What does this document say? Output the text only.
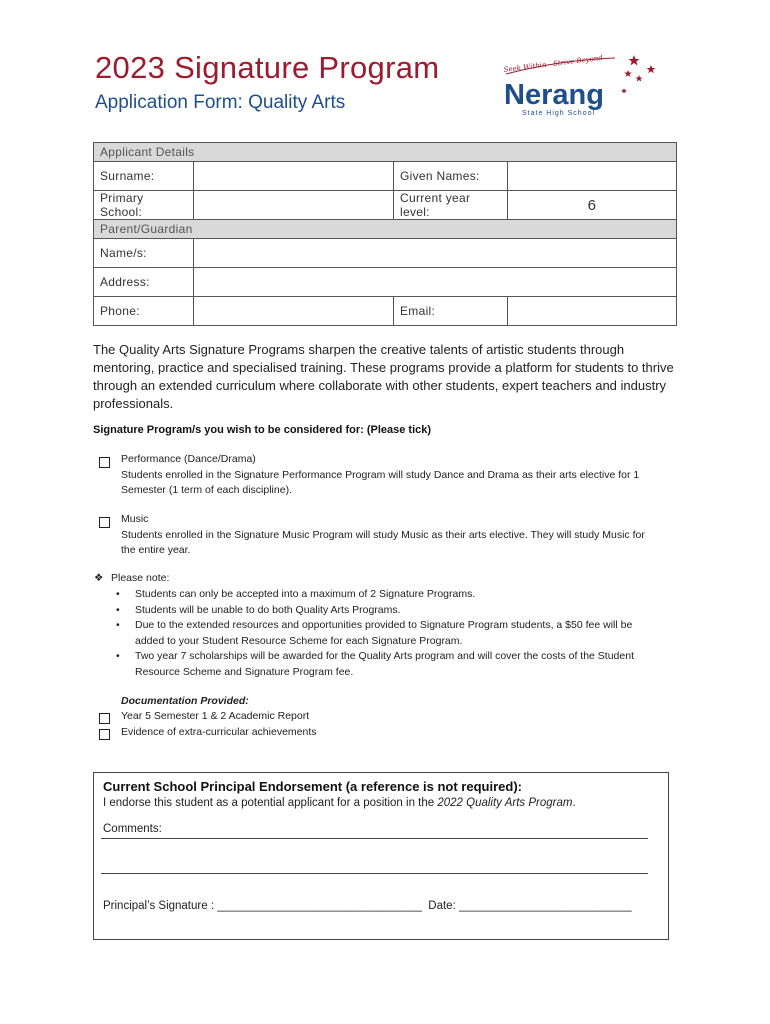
2023 Signature Program
Application Form: Quality Arts
Seek Within - Strive Beyond
Nerang
State High School
Applicant Details			
Surname:		Given Names:	
Primary School:		Current year level:	6
Parent/Guardian			
Name/s:			
Address:			
Phone:		Email:	
The Quality Arts Signature Programs sharpen the creative talents of artistic students through mentoring, practice and specialised training. These programs provide a platform for students to thrive through an extended curriculum where collaborate with other students, expert teachers and industry professionals.
Signature Program/s you wish to be considered for: (Please tick)
Performance (Dance/Drama)
Students enrolled in the Signature Performance Program will study Dance and Drama as their arts elective for 1 Semester (1 term of each discipline).
Music
Students enrolled in the Signature Music Program will study Music as their arts elective. They will study Music for the entire year.
❖ Please note:
• Students can only be accepted into a maximum of 2 Signature Programs.
• Students will be unable to do both Quality Arts Programs.
• Due to the extended resources and opportunities provided to Signature Program students, a $50 fee will be added to your Student Resource Scheme for each Signature Program.
• Two year 7 scholarships will be awarded for the Quality Arts program and will cover the costs of the Student Resource Scheme and Signature Program fee.
Documentation Provided:
Year 5 Semester 1 & 2 Academic Report
Evidence of extra-curricular achievements
Current School Principal Endorsement (a reference is not required):
I endorse this student as a potential applicant for a position in the 2022 Quality Arts Program.
Comments:
Principal’s Signature : ________________________________ Date: ___________________________
